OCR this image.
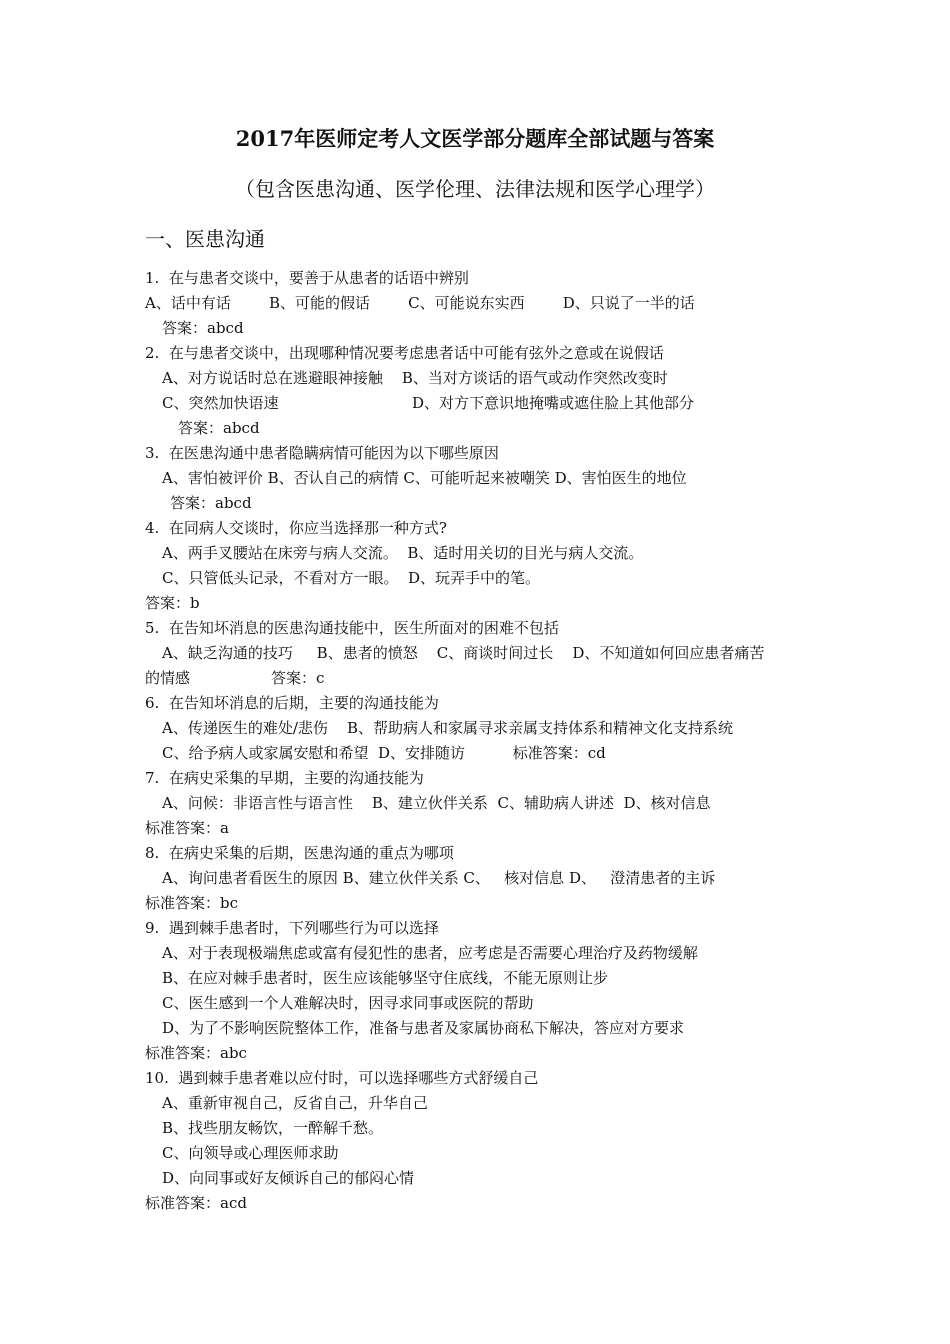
2017年医师定考人文医学部分题库全部试题与答案
（包含医患沟通、医学伦理、法律法规和医学心理学）
一、医患沟通
1.  在与患者交谈中，要善于从患者的话语中辨别
A、话中有话        B、可能的假话        C、可能说东实西        D、只说了一半的话
答案：abcd
2.  在与患者交谈中，出现哪种情况要考虑患者话中可能有弦外之意或在说假话
A、对方说话时总在逃避眼神接触    B、当对方谈话的语气或动作突然改变时
C、突然加快语速                            D、对方下意识地掩嘴或遮住脸上其他部分
答案：abcd
3.  在医患沟通中患者隐瞒病情可能因为以下哪些原因
A、害怕被评价 B、否认自己的病情 C、可能听起来被嘲笑 D、害怕医生的地位
答案：abcd
4.  在同病人交谈时，你应当选择那一种方式?
A、两手叉腰站在床旁与病人交流。  B、适时用关切的目光与病人交流。
C、只管低头记录，不看对方一眼。  D、玩弄手中的笔。
答案：b
5.  在告知坏消息的医患沟通技能中，医生所面对的困难不包括
A、缺乏沟通的技巧     B、患者的愤怒    C、商谈时间过长    D、不知道如何回应患者痛苦
的情感                 答案：c
6.  在告知坏消息的后期，主要的沟通技能为
A、传递医生的难处/悲伤    B、帮助病人和家属寻求亲属支持体系和精神文化支持系统
C、给予病人或家属安慰和希望  D、安排随访          标准答案：cd
7.  在病史采集的早期，主要的沟通技能为
A、问候：非语言性与语言性    B、建立伙伴关系  C、辅助病人讲述  D、核对信息
标准答案：a
8.  在病史采集的后期，医患沟通的重点为哪项
A、询问患者看医生的原因 B、建立伙伴关系 C、   核对信息 D、   澄清患者的主诉
标准答案：bc
9.  遇到棘手患者时，下列哪些行为可以选择
A、对于表现极端焦虑或富有侵犯性的患者，应考虑是否需要心理治疗及药物缓解
B、在应对棘手患者时，医生应该能够坚守住底线，不能无原则让步
C、医生感到一个人难解决时，因寻求同事或医院的帮助
D、为了不影响医院整体工作，准备与患者及家属协商私下解决，答应对方要求
标准答案：abc
10.  遇到棘手患者难以应付时，可以选择哪些方式舒缓自己
A、重新审视自己，反省自己，升华自己
B、找些朋友畅饮，一醉解千愁。
C、向领导或心理医师求助
D、向同事或好友倾诉自己的郁闷心情
标准答案：acd
